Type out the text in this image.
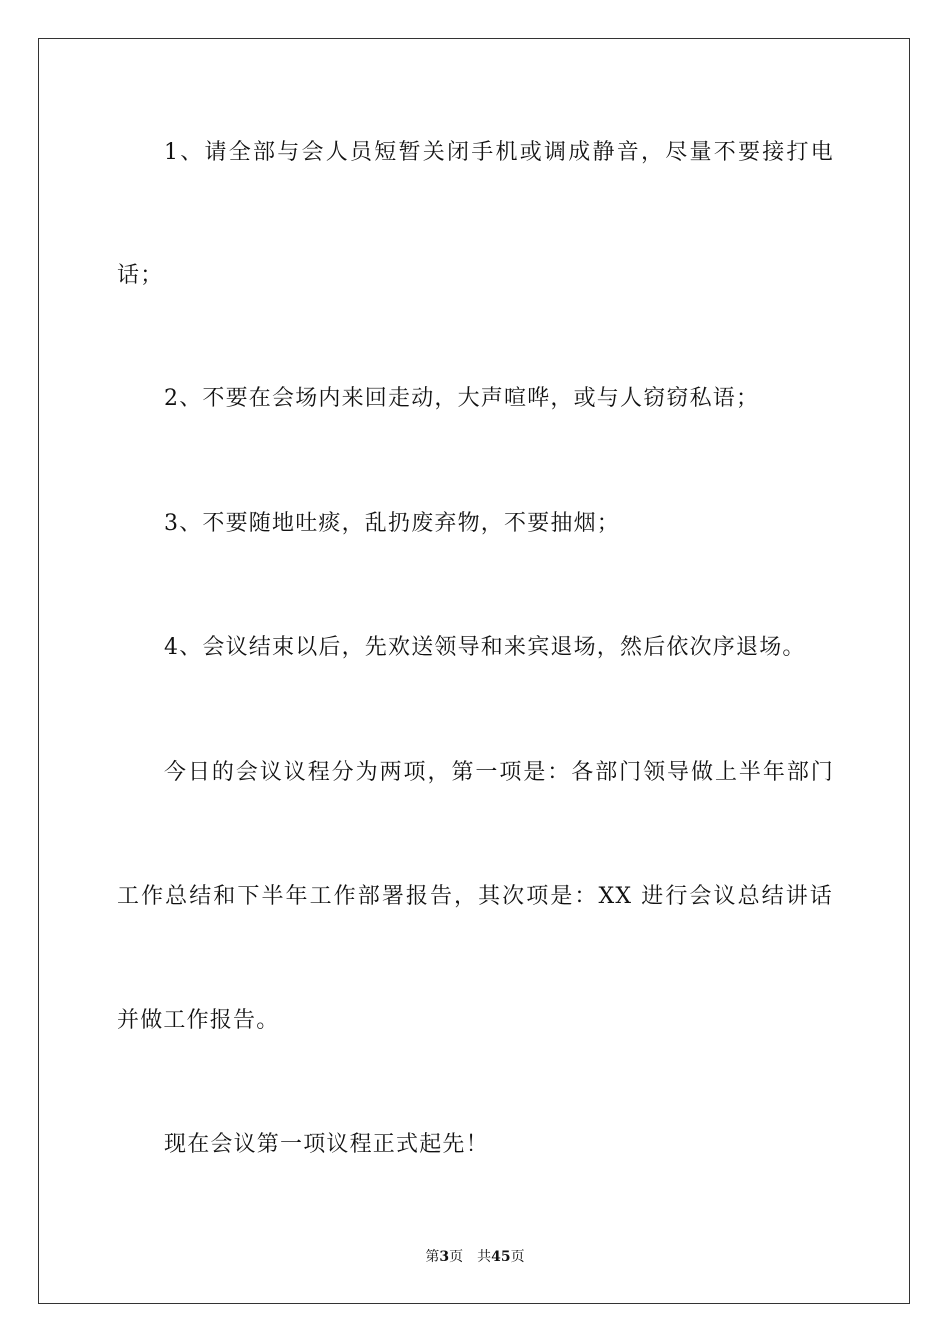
1、请全部与会人员短暂关闭手机或调成静音，尽量不要接打电
话；
2、不要在会场内来回走动，大声喧哗，或与人窃窃私语；
3、不要随地吐痰，乱扔废弃物，不要抽烟；
4、会议结束以后，先欢送领导和来宾退场，然后依次序退场。
今日的会议议程分为两项，第一项是：各部门领导做上半年部门
工作总结和下半年工作部署报告，其次项是：XX 进行会议总结讲话
并做工作报告。
现在会议第一项议程正式起先！
第3页 共45页
